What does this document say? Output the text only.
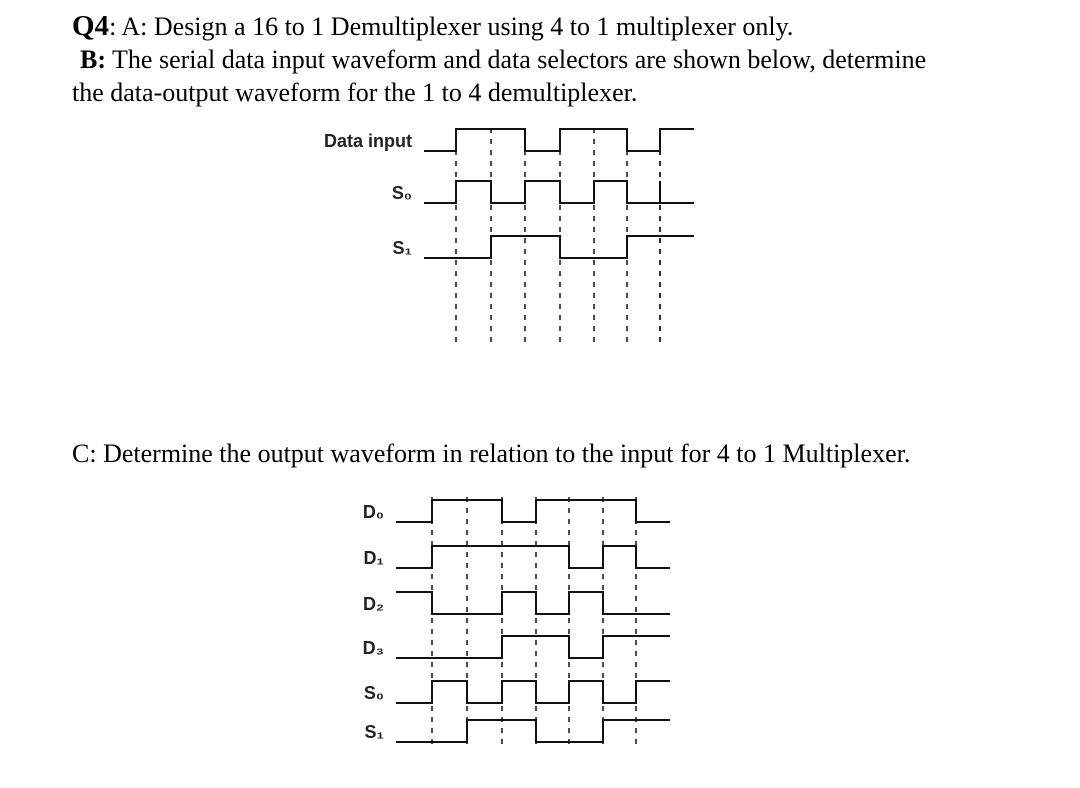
Q4: A: Design a 16 to 1 Demultiplexer using 4 to 1 multiplexer only.
B: The serial data input waveform and data selectors are shown below, determine
the data-output waveform for the 1 to 4 demultiplexer.
Data input
S₀
S₁
C: Determine the output waveform in relation to the input for 4 to 1 Multiplexer.
D₀
D₁
D₂
D₃
S₀
S₁
